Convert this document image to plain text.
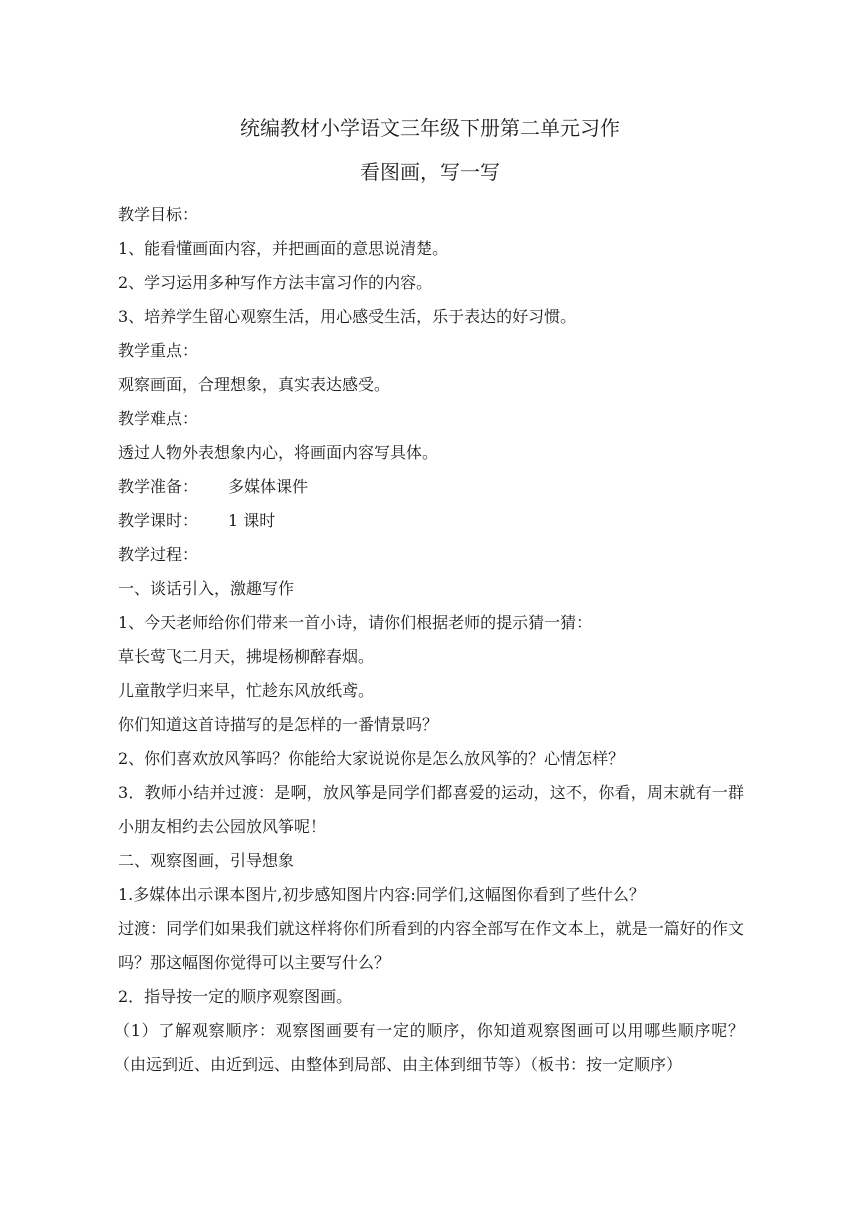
统编教材小学语文三年级下册第二单元习作
看图画，写一写
教学目标：
1、能看懂画面内容，并把画面的意思说清楚。
2、学习运用多种写作方法丰富习作的内容。
3、培养学生留心观察生活，用心感受生活，乐于表达的好习惯。
教学重点：
观察画面，合理想象，真实表达感受。
教学难点：
透过人物外表想象内心，将画面内容写具体。
教学准备： 多媒体课件
教学课时： 1 课时
教学过程：
一、谈话引入，激趣写作
1、今天老师给你们带来一首小诗，请你们根据老师的提示猜一猜：
草长莺飞二月天，拂堤杨柳醉春烟。
儿童散学归来早，忙趁东风放纸鸢。
你们知道这首诗描写的是怎样的一番情景吗？
2、你们喜欢放风筝吗？你能给大家说说你是怎么放风筝的？心情怎样？
3．教师小结并过渡：是啊，放风筝是同学们都喜爱的运动，这不，你看，周末就有一群小朋友相约去公园放风筝呢！
二、观察图画，引导想象
1.多媒体出示课本图片,初步感知图片内容:同学们,这幅图你看到了些什么？
过渡：同学们如果我们就这样将你们所看到的内容全部写在作文本上，就是一篇好的作文吗？那这幅图你觉得可以主要写什么？
2．指导按一定的顺序观察图画。
（1）了解观察顺序：观察图画要有一定的顺序，你知道观察图画可以用哪些顺序呢？（由远到近、由近到远、由整体到局部、由主体到细节等）（板书：按一定顺序）
